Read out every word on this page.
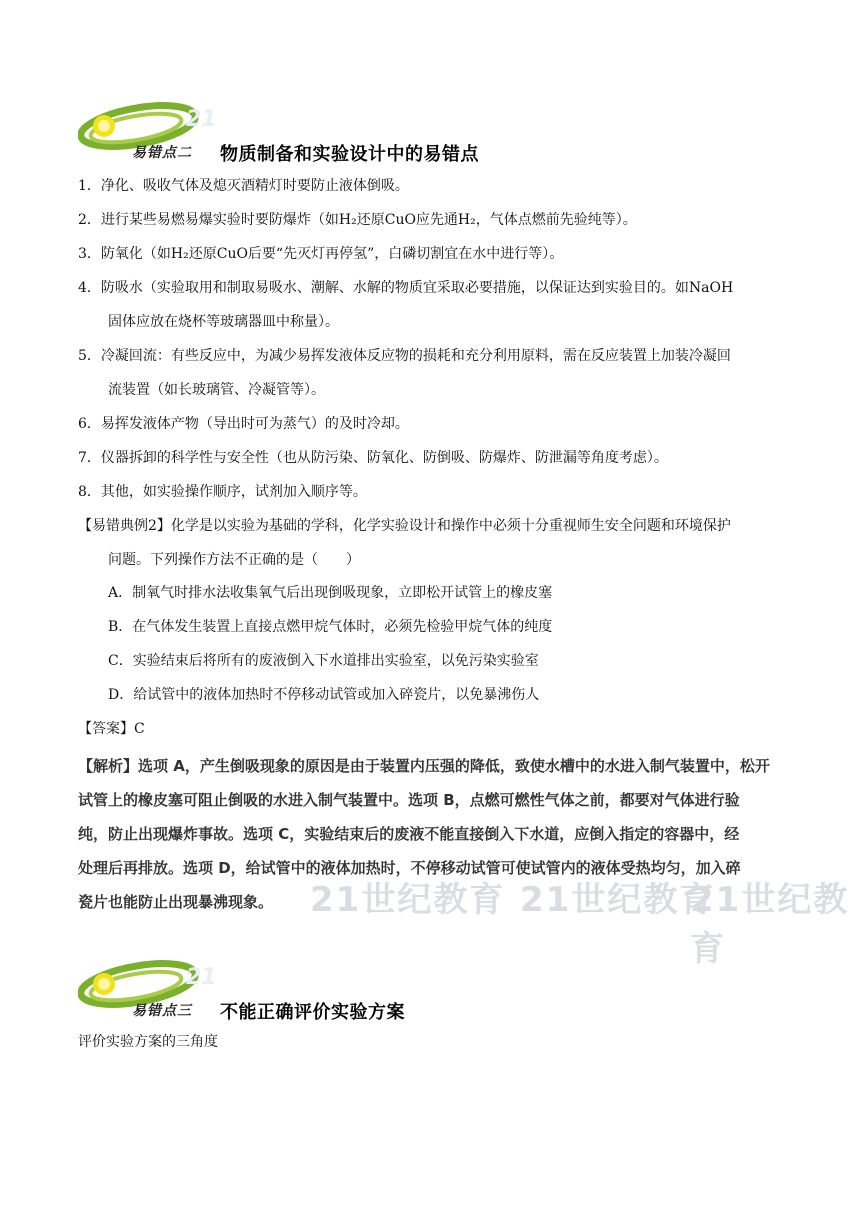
21
易错点二 物质制备和实验设计中的易错点
1．净化、吸收气体及熄灭酒精灯时要防止液体倒吸。
2．进行某些易燃易爆实验时要防爆炸（如H₂还原CuO应先通H₂，气体点燃前先验纯等）。
3．防氧化（如H₂还原CuO后要“先灭灯再停氢”，白磷切割宜在水中进行等）。
4．防吸水（实验取用和制取易吸水、潮解、水解的物质宜采取必要措施，以保证达到实验目的。如NaOH
固体应放在烧杯等玻璃器皿中称量）。
5．冷凝回流：有些反应中，为减少易挥发液体反应物的损耗和充分利用原料，需在反应装置上加装冷凝回
流装置（如长玻璃管、冷凝管等）。
6．易挥发液体产物（导出时可为蒸气）的及时冷却。
7．仪器拆卸的科学性与安全性（也从防污染、防氧化、防倒吸、防爆炸、防泄漏等角度考虑）。
8．其他，如实验操作顺序，试剂加入顺序等。
【易错典例2】化学是以实验为基础的学科，化学实验设计和操作中必须十分重视师生安全问题和环境保护
问题。下列操作方法不正确的是（　　）
A．制氧气时排水法收集氧气后出现倒吸现象，立即松开试管上的橡皮塞
B．在气体发生装置上直接点燃甲烷气体时，必须先检验甲烷气体的纯度
C．实验结束后将所有的废液倒入下水道排出实验室，以免污染实验室
D．给试管中的液体加热时不停移动试管或加入碎瓷片，以免暴沸伤人
【答案】C
21世纪教育 21世纪教育
21世纪教育
【解析】选项 A，产生倒吸现象的原因是由于装置内压强的降低，致使水槽中的水进入制气装置中，松开
试管上的橡皮塞可阻止倒吸的水进入制气装置中。选项 B，点燃可燃性气体之前，都要对气体进行验
纯，防止出现爆炸事故。选项 C，实验结束后的废液不能直接倒入下水道，应倒入指定的容器中，经
处理后再排放。选项 D，给试管中的液体加热时，不停移动试管可使试管内的液体受热均匀，加入碎
瓷片也能防止出现暴沸现象。
21
易错点三 不能正确评价实验方案
评价实验方案的三角度
